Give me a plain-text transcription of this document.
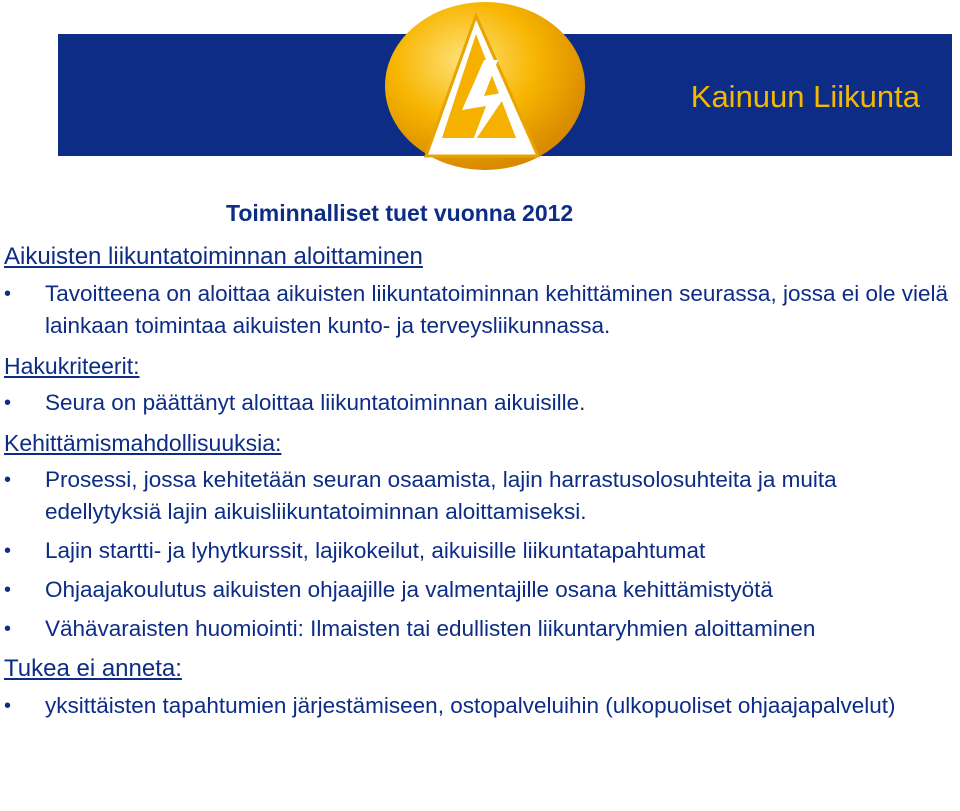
Kainuun Liikunta
Toiminnalliset tuet vuonna 2012
Aikuisten liikuntatoiminnan aloittaminen
• Tavoitteena on aloittaa aikuisten liikuntatoiminnan kehittäminen seurassa, jossa ei ole vielä lainkaan toimintaa aikuisten kunto- ja terveysliikunnassa.
Hakukriteerit:
• Seura on päättänyt aloittaa liikuntatoiminnan aikuisille.
Kehittämismahdollisuuksia:
• Prosessi, jossa kehitetään seuran osaamista, lajin harrastusolosuhteita ja muita edellytyksiä lajin aikuisliikuntatoiminnan aloittamiseksi.
• Lajin startti- ja lyhytkurssit, lajikokeilut, aikuisille liikuntatapahtumat
• Ohjaajakoulutus aikuisten ohjaajille ja valmentajille osana kehittämistyötä
• Vähävaraisten huomiointi: Ilmaisten tai edullisten liikuntaryhmien aloittaminen
Tukea ei anneta:
• yksittäisten tapahtumien järjestämiseen, ostopalveluihin (ulkopuoliset ohjaajapalvelut)
